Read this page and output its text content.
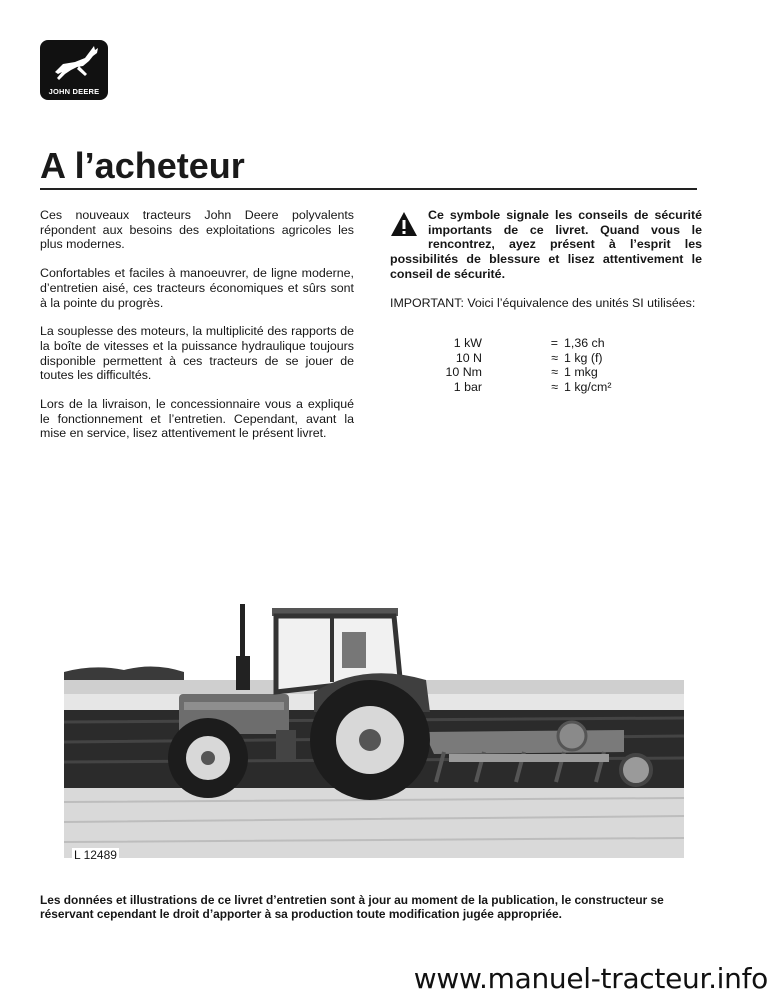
JOHN DEERE
A l’acheteur

Ces nouveaux tracteurs John Deere polyvalents répondent aux besoins des exploitations agricoles les plus modernes.

Confortables et faciles à manoeuvrer, de ligne moderne, d’entretien aisé, ces tracteurs économiques et sûrs sont à la pointe du progrès.

La souplesse des moteurs, la multiplicité des rapports de la boîte de vitesses et la puissance hydraulique toujours disponible permettent à ces tracteurs de se jouer de toutes les difficultés.

Lors de la livraison, le concessionnaire vous a expliqué le fonctionnement et l’entretien. Cependant, avant la mise en service, lisez attentivement le présent livret.

Ce symbole signale les conseils de sécurité importants de ce livret. Quand vous le rencontrez, ayez présent à l’esprit les possibilités de blessure et lisez attentivement le conseil de sécurité.

IMPORTANT: Voici l’équivalence des unités SI utilisées:

1 kW	=	1,36 ch
10 N	≈	1 kg (f)
10 Nm	≈	1 mkg
1 bar	≈	1 kg/cm²
L 12489
Les données et illustrations de ce livret d’entretien sont à jour au moment de la publication, le constructeur se réservant cependant le droit d’apporter à sa production toute modification jugée appropriée.
www.manuel-tracteur.info
